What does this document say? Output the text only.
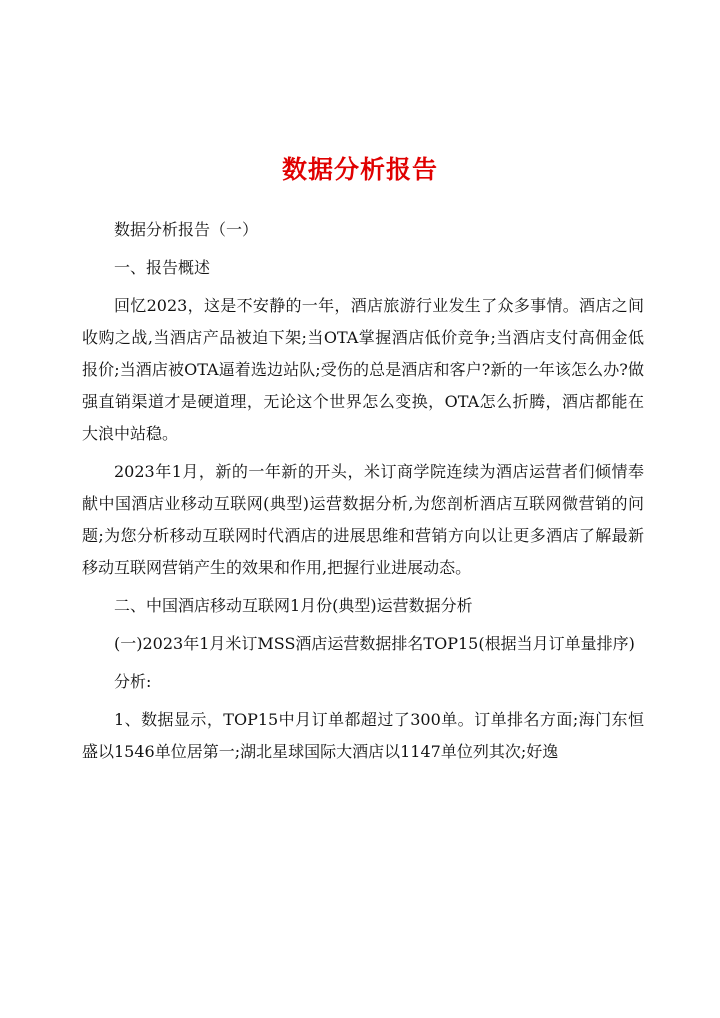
数据分析报告

数据分析报告（一）

一、报告概述

回忆2023，这是不安静的一年，酒店旅游行业发生了众多事情。酒店之间收购之战,当酒店产品被迫下架;当OTA掌握酒店低价竞争;当酒店支付高佣金低报价;当酒店被OTA逼着选边站队;受伤的总是酒店和客户?新的一年该怎么办?做强直销渠道才是硬道理，无论这个世界怎么变换，OTA怎么折腾，酒店都能在大浪中站稳。

2023年1月，新的一年新的开头，米订商学院连续为酒店运营者们倾情奉献中国酒店业移动互联网(典型)运营数据分析,为您剖析酒店互联网微营销的问题;为您分析移动互联网时代酒店的进展思维和营销方向以让更多酒店了解最新移动互联网营销产生的效果和作用,把握行业进展动态。

二、中国酒店移动互联网1月份(典型)运营数据分析

(一)2023年1月米订MSS酒店运营数据排名TOP15(根据当月订单量排序)

分析:

1、数据显示，TOP15中月订单都超过了300单。订单排名方面;海门东恒盛以1546单位居第一;湖北星球国际大酒店以1147单位列其次;好逸
